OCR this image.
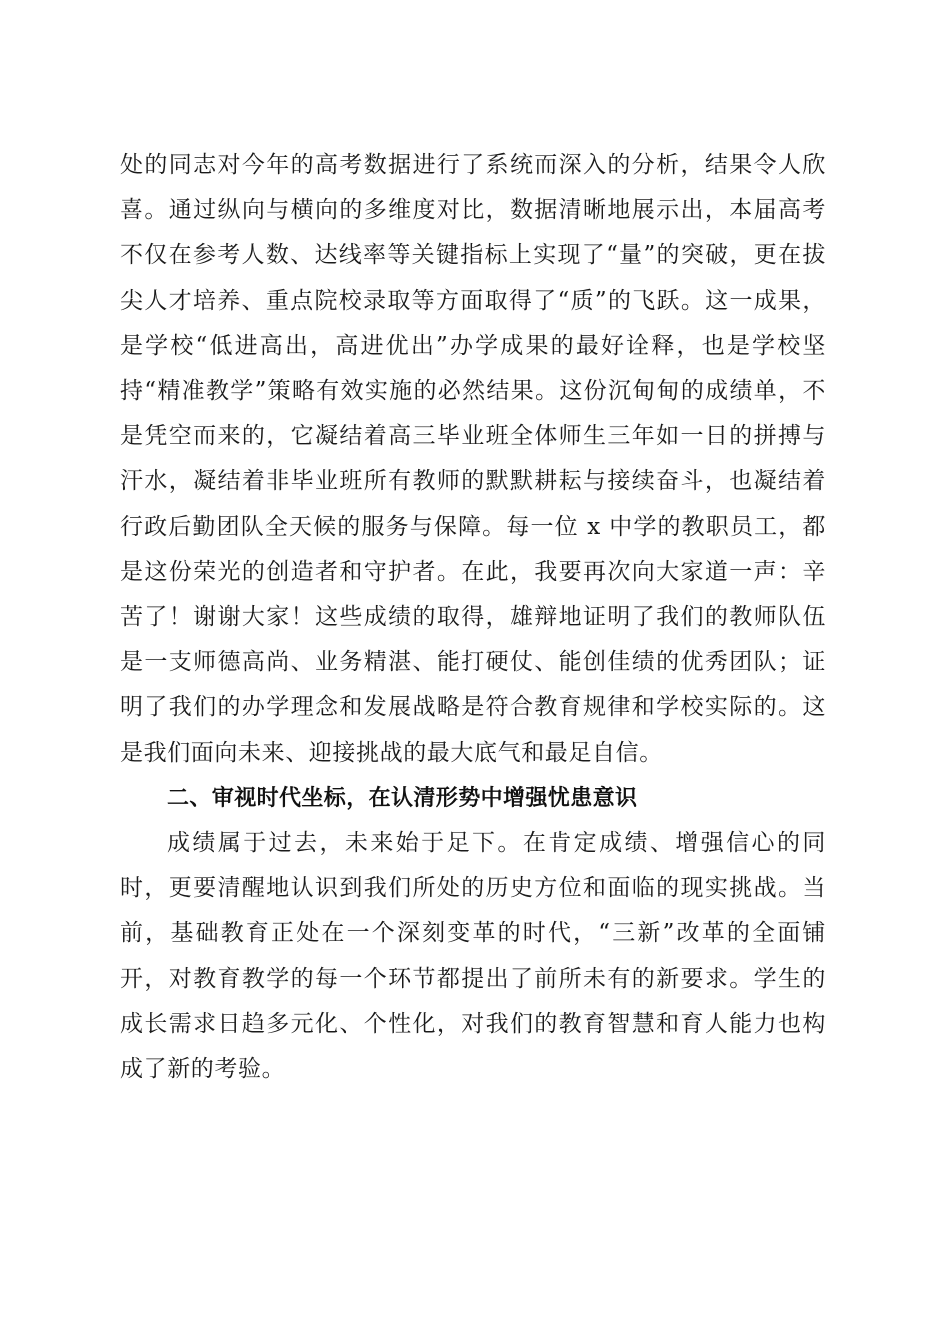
处的同志对今年的高考数据进行了系统而深入的分析，结果令人欣喜。通过纵向与横向的多维度对比，数据清晰地展示出，本届高考不仅在参考人数、达线率等关键指标上实现了“量”的突破，更在拔尖人才培养、重点院校录取等方面取得了“质”的飞跃。这一成果，是学校“低进高出，高进优出”办学成果的最好诠释，也是学校坚持“精准教学”策略有效实施的必然结果。这份沉甸甸的成绩单，不是凭空而来的，它凝结着高三毕业班全体师生三年如一日的拼搏与汗水，凝结着非毕业班所有教师的默默耕耘与接续奋斗，也凝结着行政后勤团队全天候的服务与保障。每一位 x 中学的教职员工，都是这份荣光的创造者和守护者。在此，我要再次向大家道一声：辛苦了！谢谢大家！这些成绩的取得，雄辩地证明了我们的教师队伍是一支师德高尚、业务精湛、能打硬仗、能创佳绩的优秀团队；证明了我们的办学理念和发展战略是符合教育规律和学校实际的。这是我们面向未来、迎接挑战的最大底气和最足自信。

二、审视时代坐标，在认清形势中增强忧患意识

成绩属于过去，未来始于足下。在肯定成绩、增强信心的同时，更要清醒地认识到我们所处的历史方位和面临的现实挑战。当前，基础教育正处在一个深刻变革的时代，“三新”改革的全面铺开，对教育教学的每一个环节都提出了前所未有的新要求。学生的成长需求日趋多元化、个性化，对我们的教育智慧和育人能力也构成了新的考验。
